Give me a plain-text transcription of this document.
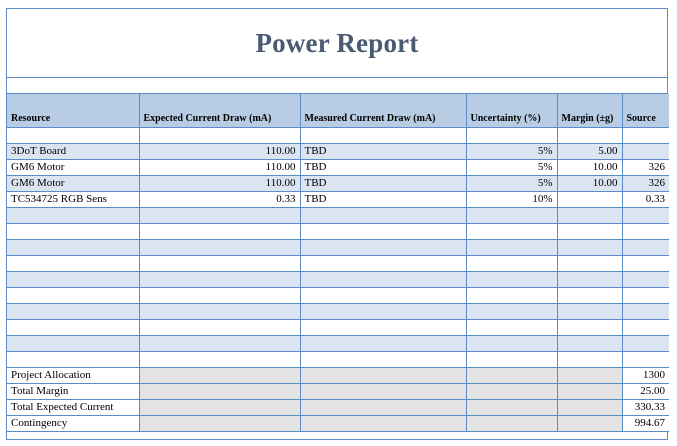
Power Report
Resource	Expected Current Draw (mA)	Measured Current Draw (mA)	Uncertainty (%)	Margin (±g)	Source

3DoT Board	110.00	TBD	5%	5.00	
GM6 Motor	110.00	TBD	5%	10.00	326
GM6 Motor	110.00	TBD	5%	10.00	326
TC534725 RGB Sens	0.33	TBD	10%		0.33

Project Allocation					1300
Total Margin					25.00
Total Expected Current					330.33
Contingency					994.67
